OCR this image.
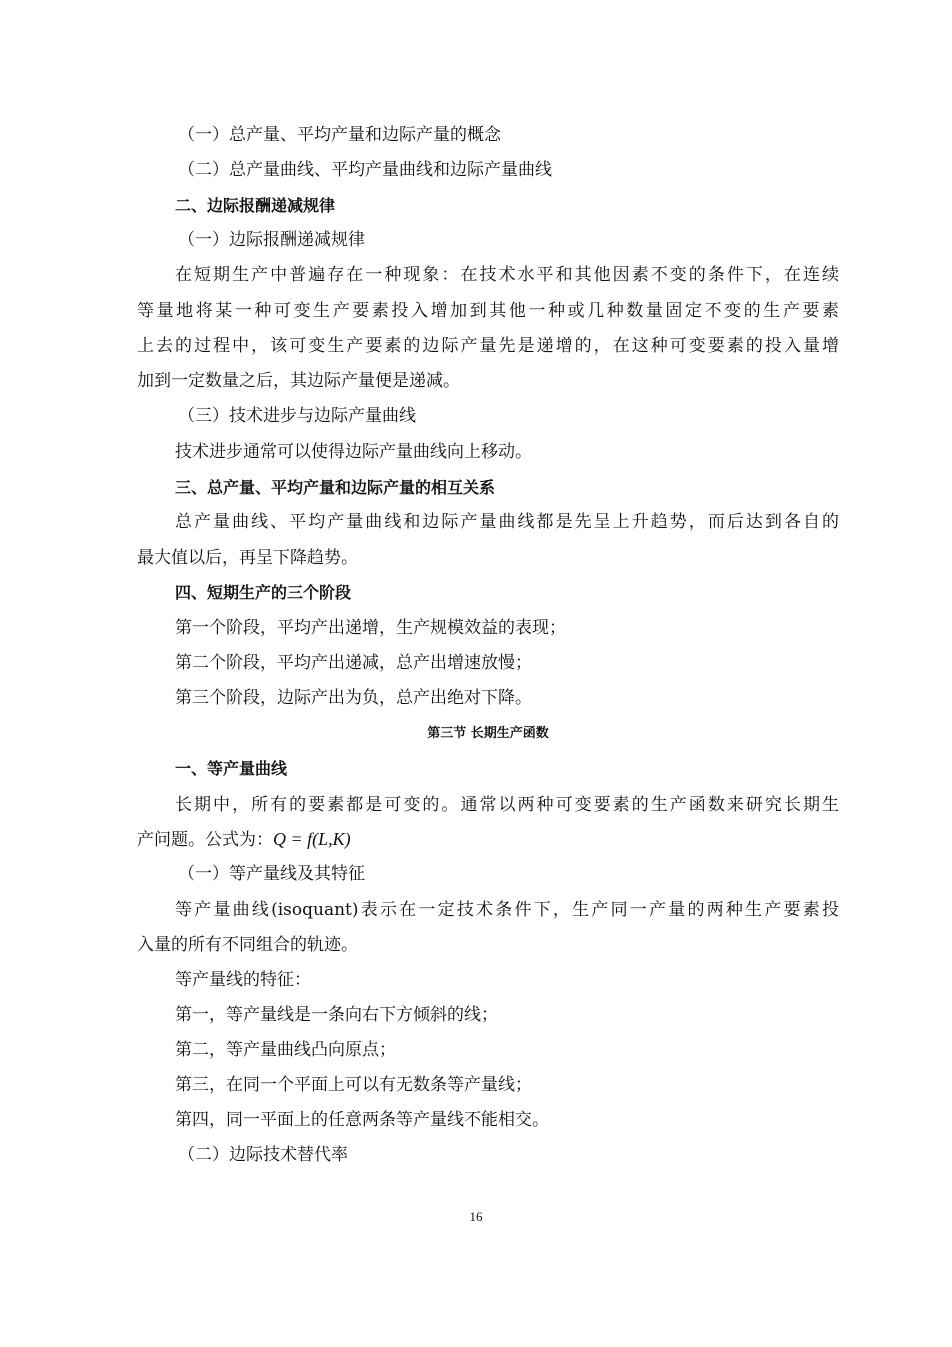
（一）总产量、平均产量和边际产量的概念
（二）总产量曲线、平均产量曲线和边际产量曲线
二、边际报酬递减规律
（一）边际报酬递减规律
在短期生产中普遍存在一种现象：在技术水平和其他因素不变的条件下，在连续
等量地将某一种可变生产要素投入增加到其他一种或几种数量固定不变的生产要素
上去的过程中，该可变生产要素的边际产量先是递增的，在这种可变要素的投入量增
加到一定数量之后，其边际产量便是递减。
（三）技术进步与边际产量曲线
技术进步通常可以使得边际产量曲线向上移动。
三、总产量、平均产量和边际产量的相互关系
总产量曲线、平均产量曲线和边际产量曲线都是先呈上升趋势，而后达到各自的
最大值以后，再呈下降趋势。
四、短期生产的三个阶段
第一个阶段，平均产出递增，生产规模效益的表现；
第二个阶段，平均产出递减，总产出增速放慢；
第三个阶段，边际产出为负，总产出绝对下降。
第三节 长期生产函数
一、等产量曲线
长期中，所有的要素都是可变的。通常以两种可变要素的生产函数来研究长期生
产问题。公式为：Q = f(L,K)
（一）等产量线及其特征
等产量曲线(isoquant)表示在一定技术条件下，生产同一产量的两种生产要素投
入量的所有不同组合的轨迹。
等产量线的特征：
第一，等产量线是一条向右下方倾斜的线；
第二，等产量曲线凸向原点；
第三，在同一个平面上可以有无数条等产量线；
第四，同一平面上的任意两条等产量线不能相交。
（二）边际技术替代率
16
